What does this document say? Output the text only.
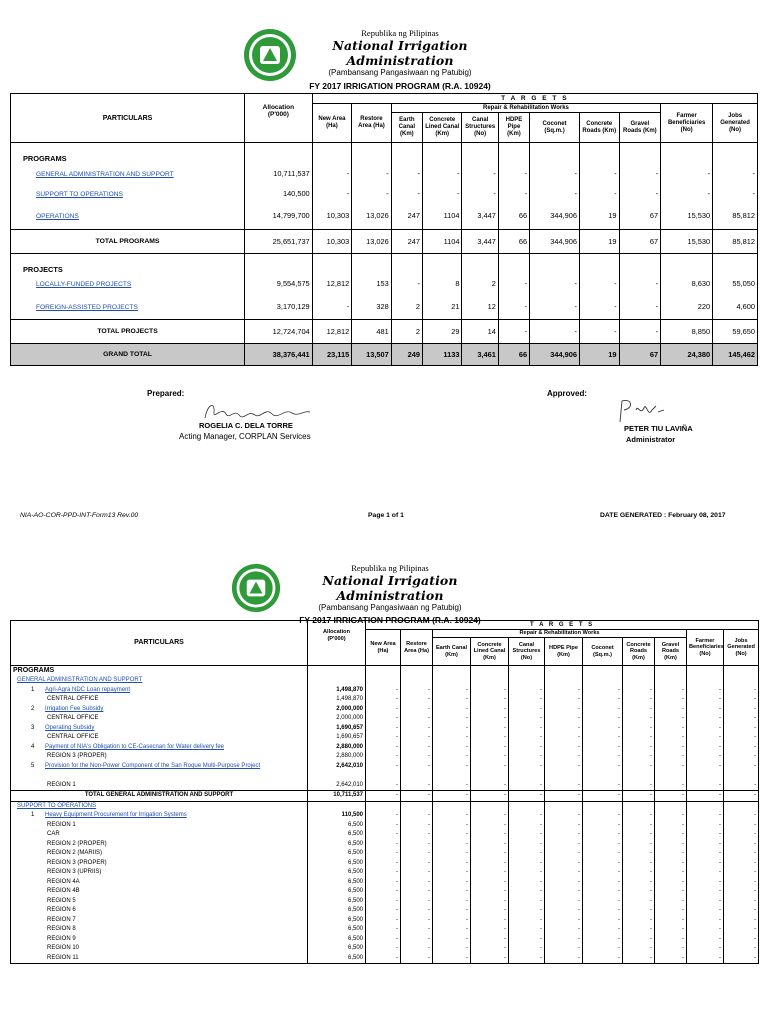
Republika ng Pilipinas
National Irrigation Administration
(Pambansang Pangasiwaan ng Patubig)
FY 2017 IRRIGATION PROGRAM (R.A. 10924)
PARTICULARS	Allocation
(P'000)	T A R G E T S										
		New Area (Ha)	Restore Area (Ha)	Repair & Rehabilitation Works							Farmer Beneficiaries (No)	Jobs Generated (No)
				Earth Canal (Km)	Concrete Lined Canal (Km)	Canal Structures (No)	HDPE Pipe (Km)	Coconet (Sq.m.)	Concrete Roads (Km)	Gravel Roads (Km)		
PROGRAMS												
GENERAL ADMINISTRATION AND SUPPORT	10,711,537	-	-	-	-	-	-	-	-	-	-	-
SUPPORT TO OPERATIONS	140,500	-	-	-	-	-	-	-	-	-	-	-
OPERATIONS	14,799,700	10,303	13,026	247	1104	3,447	66	344,906	19	67	15,530	85,812
TOTAL PROGRAMS	25,651,737	10,303	13,026	247	1104	3,447	66	344,906	19	67	15,530	85,812
PROJECTS												
LOCALLY-FUNDED PROJECTS	9,554,575	12,812	153	-	8	2	-	-	-	-	8,630	55,050
FOREIGN-ASSISTED PROJECTS	3,170,129	-	328	2	21	12	-	-	-	-	220	4,600
TOTAL PROJECTS	12,724,704	12,812	481	2	29	14	-	-	-	-	8,850	59,650
GRAND TOTAL	38,376,441	23,115	13,507	249	1133	3,461	66	344,906	19	67	24,380	145,462
Prepared:
ROGELIA C. DELA TORRE
Acting Manager, CORPLAN Services
Approved:
PETER TIU LAVIÑA
Administrator
NIA-AO-COR-PPD-INT-Form13 Rev.00	Page 1 of 1	DATE GENERATED : February 08, 2017
Republika ng Pilipinas
National Irrigation Administration
(Pambansang Pangasiwaan ng Patubig)
FY 2017 IRRIGATION PROGRAM (R.A. 10924)
PARTICULARS	Allocation
(P'000)	T A R G E T S										
		New Area (Ha)	Restore Area (Ha)	Repair & Rehabilitation Works							Farmer Beneficiaries (No)	Jobs Generated (No)
				Earth Canal (Km)	Concrete Lined Canal (Km)	Canal Structures (No)	HDPE Pipe (Km)	Coconet (Sq.m.)	Concrete Roads (Km)	Gravel Roads (Km)		
PROGRAMS												
GENERAL ADMINISTRATION AND SUPPORT												
1 Agri-Agra NDC Loan repayment	1,498,870	-	-	-	-	-	-	-	-	-	-	-
CENTRAL OFFICE	1,498,870	-	-	-	-	-	-	-	-	-	-	-
2 Irrigation Fee Subsidy	2,000,000	-	-	-	-	-	-	-	-	-	-	-
CENTRAL OFFICE	2,000,000	-	-	-	-	-	-	-	-	-	-	-
3 Operating Subsidy	1,690,657	-	-	-	-	-	-	-	-	-	-	-
CENTRAL OFFICE	1,690,657	-	-	-	-	-	-	-	-	-	-	-
4 Payment of NIA's Obligation to CE-Casecnan for Water delivery fee	2,880,000	-	-	-	-	-	-	-	-	-	-	-
REGION 3 (PROPER)	2,880,000	-	-	-	-	-	-	-	-	-	-	-
5 Provision for the Non-Power Component of the San Roque Multi-Purpose Project	2,642,010	-	-	-	-	-	-	-	-	-	-	-

REGION 1	2,642,010	-	-	-	-	-	-	-	-	-	-	-
TOTAL GENERAL ADMINISTRATION AND SUPPORT	10,711,537	-	-	-	-	-	-	-	-	-	-	-
SUPPORT TO OPERATIONS												
1 Heavy Equipment Procurement for Irrigation Systems	110,500	-	-	-	-	-	-	-	-	-	-	-
REGION 1	6,500	-	-	-	-	-	-	-	-	-	-	-
CAR	6,500	-	-	-	-	-	-	-	-	-	-	-
REGION 2 (PROPER)	6,500	-	-	-	-	-	-	-	-	-	-	-
REGION 2 (MARIIS)	6,500	-	-	-	-	-	-	-	-	-	-	-
REGION 3 (PROPER)	6,500	-	-	-	-	-	-	-	-	-	-	-
REGION 3 (UPRIIS)	6,500	-	-	-	-	-	-	-	-	-	-	-
REGION 4A	6,500	-	-	-	-	-	-	-	-	-	-	-
REGION 4B	6,500	-	-	-	-	-	-	-	-	-	-	-
REGION 5	6,500	-	-	-	-	-	-	-	-	-	-	-
REGION 6	6,500	-	-	-	-	-	-	-	-	-	-	-
REGION 7	6,500	-	-	-	-	-	-	-	-	-	-	-
REGION 8	6,500	-	-	-	-	-	-	-	-	-	-	-
REGION 9	6,500	-	-	-	-	-	-	-	-	-	-	-
REGION 10	6,500	-	-	-	-	-	-	-	-	-	-	-
REGION 11	6,500	-	-	-	-	-	-	-	-	-	-	-
